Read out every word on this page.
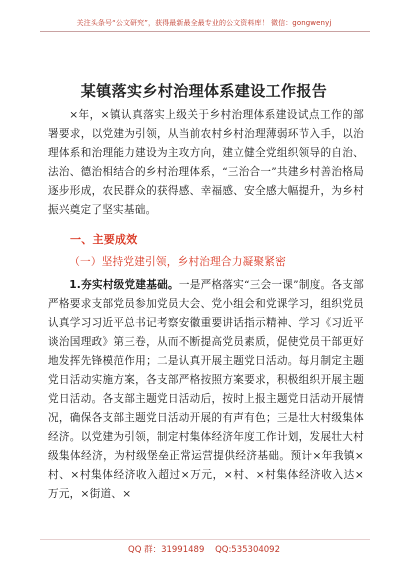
关注头条号“公文研究”，获得最新最全最专业的公文资料库！ 微信：gongwenyj
某镇落实乡村治理体系建设工作报告

×年，×镇认真落实上级关于乡村治理体系建设试点工作的部署要求，以党建为引领，从当前农村乡村治理薄弱环节入手，以治理体系和治理能力建设为主攻方向，建立健全党组织领导的自治、法治、德治相结合的乡村治理体系，“三治合一”共建乡村善治格局逐步形成，农民群众的获得感、幸福感、安全感大幅提升，为乡村振兴奠定了坚实基础。

一、主要成效
（一）坚持党建引领，乡村治理合力凝聚紧密

1.夯实村级党建基础。一是严格落实“三会一课”制度。各支部严格要求支部党员参加党员大会、党小组会和党课学习，组织党员认真学习习近平总书记考察安徽重要讲话指示精神、学习《习近平谈治国理政》第三卷，从而不断提高党员素质，促使党员干部更好地发挥先锋模范作用；二是认真开展主题党日活动。每月制定主题党日活动实施方案，各支部严格按照方案要求，积极组织开展主题党日活动。各支部主题党日活动后，按时上报主题党日活动开展情况，确保各支部主题党日活动开展的有声有色；三是壮大村级集体经济。以党建为引领，制定村集体经济年度工作计划，发展壮大村级集体经济，为村级堡垒正常运营提供经济基础。预计×年我镇×村、×村集体经济收入超过×万元，×村、×村集体经济收入达×万元，×街道、×

QQ 群：31991489 QQ:535304092
